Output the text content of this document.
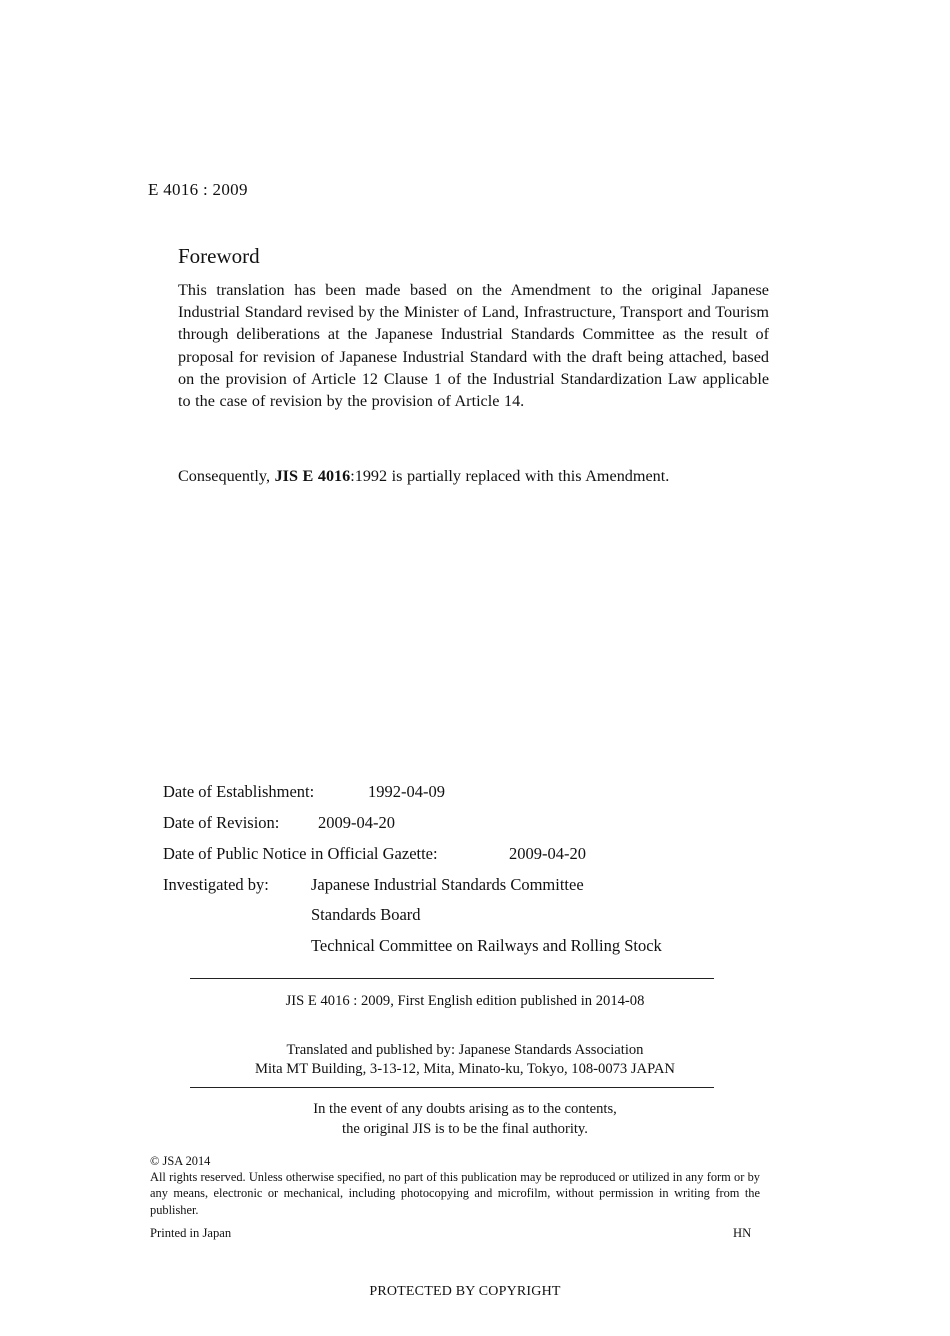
E 4016 : 2009
Foreword

This translation has been made based on the Amendment to the original Japanese Industrial Standard revised by the Minister of Land, Infrastructure, Transport and Tourism through deliberations at the Japanese Industrial Standards Committee as the result of proposal for revision of Japanese Industrial Standard with the draft being attached, based on the provision of Article 12 Clause 1 of the Industrial Standardization Law applicable to the case of revision by the provision of Article 14.

Consequently, JIS E 4016:1992 is partially replaced with this Amendment.

Date of Establishment:	1992-04-09
Date of Revision: 2009-04-20
Date of Public Notice in Official Gazette:	2009-04-20
Investigated by:	Japanese Industrial Standards Committee
Standards Board
Technical Committee on Railways and Rolling Stock
JIS E 4016 : 2009, First English edition published in 2014-08
Translated and published by: Japanese Standards Association
Mita MT Building, 3-13-12, Mita, Minato-ku, Tokyo, 108-0073 JAPAN
In the event of any doubts arising as to the contents,
the original JIS is to be the final authority.
© JSA 2014
All rights reserved. Unless otherwise specified, no part of this publication may be reproduced or utilized in any form or by any means, electronic or mechanical, including photocopying and microfilm, without permission in writing from the publisher.
Printed in Japan	HN
PROTECTED BY COPYRIGHT
